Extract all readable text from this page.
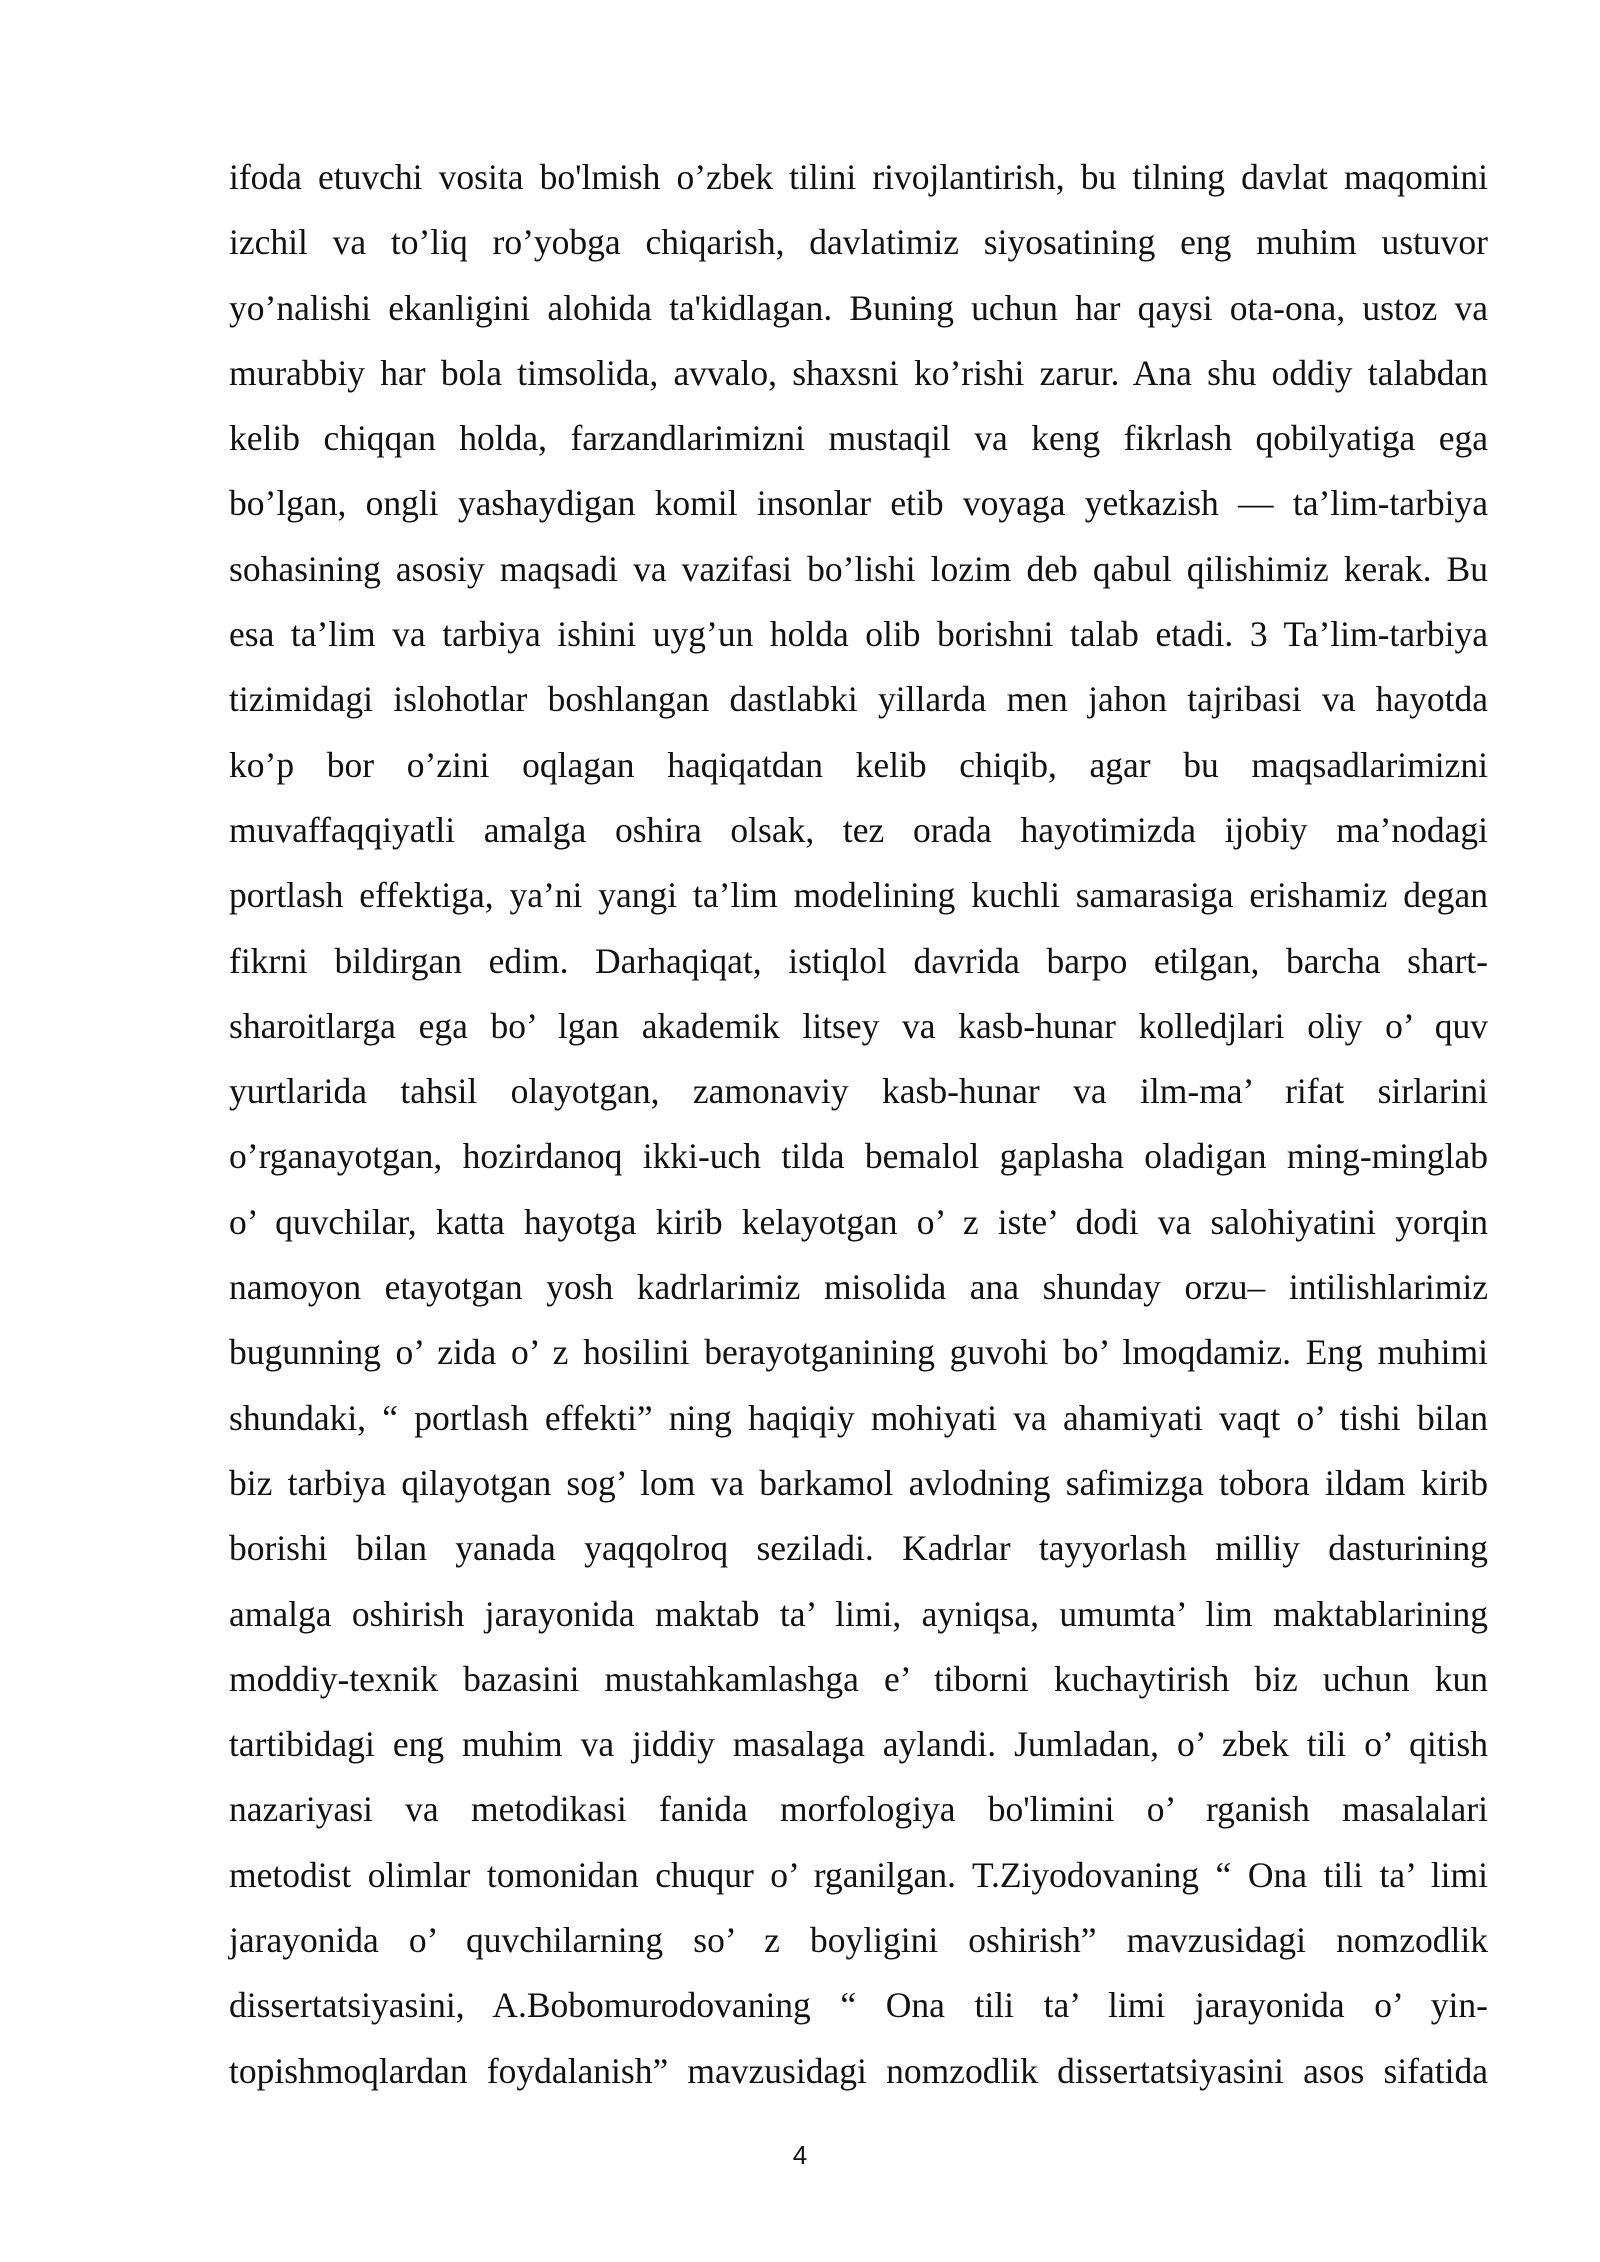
ifoda etuvchi vosita bo'lmish o’zbek tilini rivojlantirish, bu tilning davlat maqomini
izchil va to’liq ro’yobga chiqarish, davlatimiz siyosatining eng muhim ustuvor
yo’nalishi ekanligini alohida ta'kidlagan. Buning uchun har qaysi ota-ona, ustoz va
murabbiy har bola timsolida, avvalo, shaxsni ko’rishi zarur. Ana shu oddiy talabdan
kelib chiqqan holda, farzandlarimizni mustaqil va keng fikrlash qobilyatiga ega
bo’lgan, ongli yashaydigan komil insonlar etib voyaga yetkazish — ta’lim-tarbiya
sohasining asosiy maqsadi va vazifasi bo’lishi lozim deb qabul qilishimiz kerak. Bu
esa ta’lim va tarbiya ishini uyg’un holda olib borishni talab etadi. 3 Ta’lim-tarbiya
tizimidagi islohotlar boshlangan dastlabki yillarda men jahon tajribasi va hayotda
ko’p bor o’zini oqlagan haqiqatdan kelib chiqib, agar bu maqsadlarimizni
muvaffaqqiyatli amalga oshira olsak, tez orada hayotimizda ijobiy ma’nodagi
portlash effektiga, ya’ni yangi ta’lim modelining kuchli samarasiga erishamiz degan
fikrni bildirgan edim. Darhaqiqat, istiqlol davrida barpo etilgan, barcha shart-
sharoitlarga ega bo’ lgan akademik litsey va kasb-hunar kolledjlari oliy o’ quv
yurtlarida tahsil olayotgan, zamonaviy kasb-hunar va ilm-ma’ rifat sirlarini
o’rganayotgan, hozirdanoq ikki-uch tilda bemalol gaplasha oladigan ming-minglab
o’ quvchilar, katta hayotga kirib kelayotgan o’ z iste’ dodi va salohiyatini yorqin
namoyon etayotgan yosh kadrlarimiz misolida ana shunday orzu– intilishlarimiz
bugunning o’ zida o’ z hosilini berayotganining guvohi bo’ lmoqdamiz. Eng muhimi
shundaki, “ portlash effekti” ning haqiqiy mohiyati va ahamiyati vaqt o’ tishi bilan
biz tarbiya qilayotgan sog’ lom va barkamol avlodning safimizga tobora ildam kirib
borishi bilan yanada yaqqolroq seziladi. Kadrlar tayyorlash milliy dasturining
amalga oshirish jarayonida maktab ta’ limi, ayniqsa, umumta’ lim maktablarining
moddiy-texnik bazasini mustahkamlashga e’ tiborni kuchaytirish biz uchun kun
tartibidagi eng muhim va jiddiy masalaga aylandi. Jumladan, o’ zbek tili o’ qitish
nazariyasi va metodikasi fanida morfologiya bo'limini o’ rganish masalalari
metodist olimlar tomonidan chuqur o’ rganilgan. T.Ziyodovaning “ Ona tili ta’ limi
jarayonida o’ quvchilarning so’ z boyligini oshirish” mavzusidagi nomzodlik
dissertatsiyasini, A.Bobomurodovaning “ Ona tili ta’ limi jarayonida o’ yin-
topishmoqlardan foydalanish” mavzusidagi nomzodlik dissertatsiyasini asos sifatida
4
